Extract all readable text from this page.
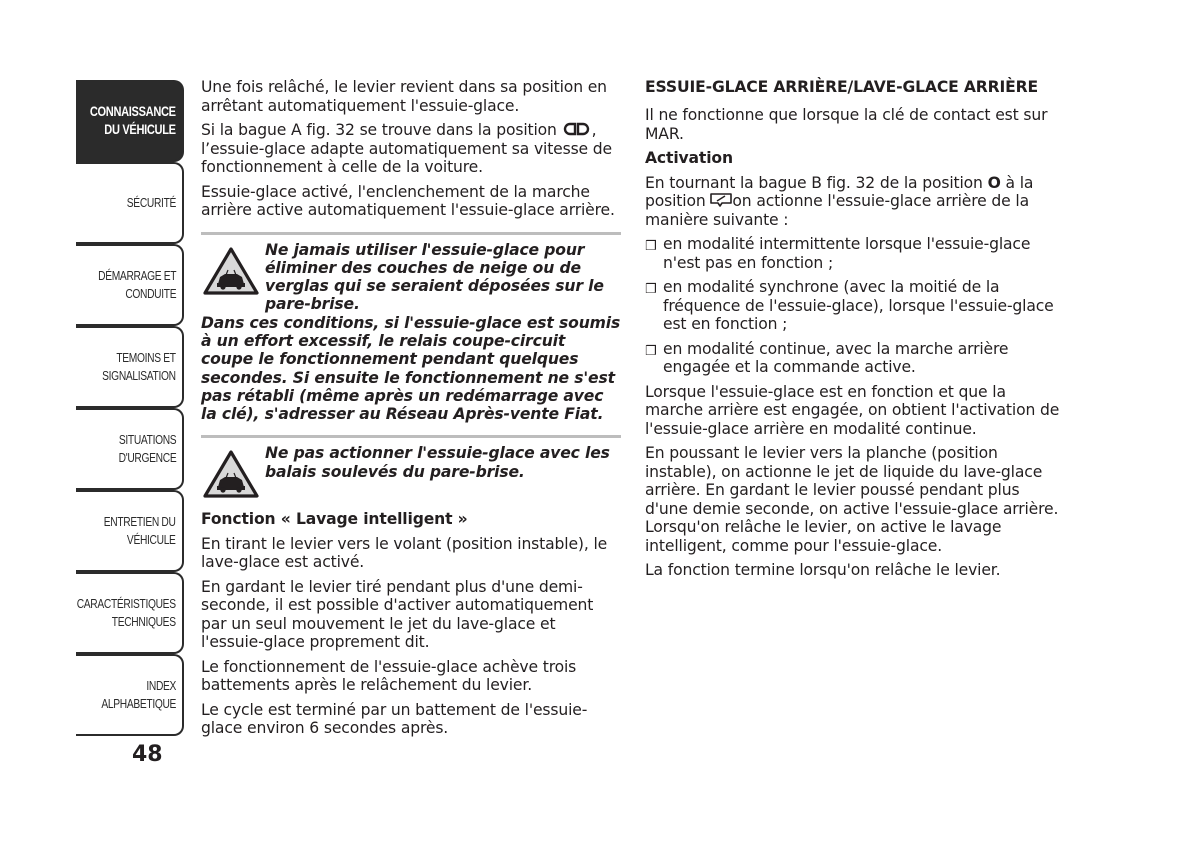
CONNAISSANCE
DU VÉHICULE
SÉCURITÉ
DÉMARRAGE ET
CONDUITE
TEMOINS ET
SIGNALISATION
SITUATIONS
D'URGENCE
ENTRETIEN DU
VÉHICULE
CARACTÉRISTIQUES
TECHNIQUES
INDEX
ALPHABETIQUE
48

Une fois relâché, le levier revient dans sa position en arrêtant automatiquement l'essuie-glace.

Si la bague A fig. 32 se trouve dans la position , l’essuie-glace adapte automatiquement sa vitesse de fonctionnement à celle de la voiture.

Essuie-glace activé, l'enclenchement de la marche arrière active automatiquement l'essuie-glace arrière.

Ne jamais utiliser l'essuie-glace pour éliminer des couches de neige ou de verglas qui se seraient déposées sur le pare-brise.
Dans ces conditions, si l'essuie-glace est soumis à un effort excessif, le relais coupe-circuit coupe le fonctionnement pendant quelques secondes. Si ensuite le fonctionnement ne s'est pas rétabli (même après un redémarrage avec la clé), s'adresser au Réseau Après-vente Fiat.
Ne pas actionner l'essuie-glace avec les balais soulevés du pare-brise.
Fonction « Lavage intelligent »

En tirant le levier vers le volant (position instable), le lave-glace est activé.

En gardant le levier tiré pendant plus d'une demi-seconde, il est possible d'activer automatiquement par un seul mouvement le jet du lave-glace et l'essuie-glace proprement dit.

Le fonctionnement de l'essuie-glace achève trois battements après le relâchement du levier.

Le cycle est terminé par un battement de l'essuie-glace environ 6 secondes après.

ESSUIE-GLACE ARRIÈRE/LAVE-GLACE ARRIÈRE

Il ne fonctionne que lorsque la clé de contact est sur MAR.

Activation

En tournant la bague B fig. 32 de la position O à la position on actionne l'essuie-glace arrière de la manière suivante :

❒ en modalité intermittente lorsque l'essuie-glace n'est pas en fonction ;
❒ en modalité synchrone (avec la moitié de la fréquence de l'essuie-glace), lorsque l'essuie-glace est en fonction ;
❒ en modalité continue, avec la marche arrière engagée et la commande active.

Lorsque l'essuie-glace est en fonction et que la marche arrière est engagée, on obtient l'activation de l'essuie-glace arrière en modalité continue.

En poussant le levier vers la planche (position instable), on actionne le jet de liquide du lave-glace arrière. En gardant le levier poussé pendant plus d'une demie seconde, on active l'essuie-glace arrière. Lorsqu'on relâche le levier, on active le lavage intelligent, comme pour l'essuie-glace.

La fonction termine lorsqu'on relâche le levier.
